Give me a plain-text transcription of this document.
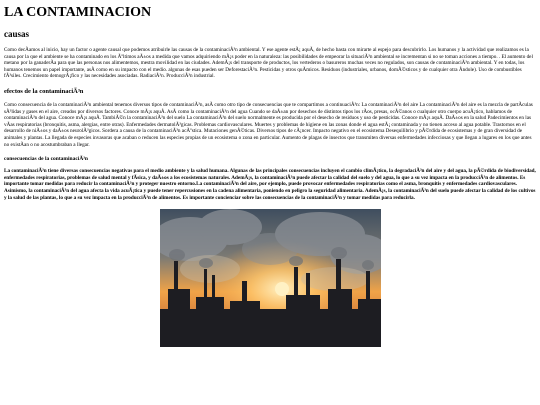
LA CONTAMINACION
causas

Como decÃamos al inicio, hay un factor o agente causal que podemos atribuirle las causas de la contaminaciÃ³n ambiental. Y ese agente estÃ¡ aquÃ, de hecho basta con mirarte al espejo para descubrirlo. Los humanos y la actividad que realizamos es la causa por la que el ambiente se ha contaminado en los Ãºltimos aÃ±os a medida que vamos adquiriendo mÃ¡s poder en la naturaleza: las posibilidades de empeorar la situaciÃ³n ambiental se incrementan si no se toman acciones a tiempo. . El aumento del metano por la ganaderÃa para que las personas nos alimentemos, mestra movilidad en las ciudades. AdemÃ¡s del transporte de productos, los vertederos o basureros muchas veces no regulados, son causas de contaminaciÃ³n ambiental. Y en todas, los humanos tenemos un papel importante, asÃ como en su impacto con el medio. algunas de esas pueden ser DeforestaciÃ³n. Pesticidas y otros quÃmicos. Residuos (industriales, urbanos, domÃ©sticos y de cualquier otra Ãndole). Uso de combustibles fÃ³siles. Crecimiento demogrÃ¡fico y las necesidades asociadas. RadiaciÃ³n. ProducciÃ³n industrial.

efectos de la contaminaciÃ³n

Como consecuencia de la contaminaciÃ³n ambiental tenemos diversos tipos de contaminaciÃ³n, asÃ como otro tipo de consecuencias que te compartimos a continuaciÃ³n: La contaminaciÃ³n del aire La contaminaciÃ³n del aire es la mezcla de partÃculas sÃ³lidas y gases en el aire, creados por diversos factores. Conoce mÃ¡s aquÃ. AsÃ como la contaminaciÃ³n del agua Cuando se daÃ±an por desechos de distintos tipos los rÃos, presas, ocÃ©anos o cualquier otro cuerpo acuÃ¡tico, hablamos de contaminaciÃ³n del agua. Conoce mÃ¡s aquÃ. TambiÃ©n la contaminaciÃ³n del suelo La contaminaciÃ³n del suelo normalmente es producida por el desecho de residuos y uso de pesticidas. Conoce mÃ¡s aquÃ. DaÃ±os en la salud Padecimientos en las vÃas respiratorias (bronquitis, asma, alergias, entre otras). Enfermedades dermatolÃ³gicas. Problemas cardiovasculares. Muertes y problemas de higiene en las zonas donde el agua estÃ¡ contaminada y no tienen acceso al agua potable. Trastornos en el desarrollo de niÃ±os y daÃ±os neurolÃ³gicos. Sordera a causa de la contaminaciÃ³n acÃºstica. Mutaciones genÃ©ticas. Diversos tipos de cÃ¡ncer. Impacto negativo en el ecosistema Desequilibrio y pÃ©rdida de ecosistemas y de gran diversidad de animales y plantas. La llegada de especies invasoras que acaban o reducen las especies propias de un ecosistema o zona en particular. Aumento de plagas de insectos que transmiten diversas enfermedades infecciosas y que llegan a lugares en los que antes no existÃan o no acostumbraban a llegar.

consecuencias de la contaminaciÃ³n

La contaminaciÃ³n tiene diversas consecuencias negativas para el medio ambiente y la salud humana. Algunas de las principales consecuencias incluyen el cambio climÃ¡tico, la degradaciÃ³n del aire y del agua, la pÃ©rdida de biodiversidad, enfermedades respiratorias, problemas de salud mental y fÃsica, y daÃ±os a los ecosistemas naturales. AdemÃ¡s, la contaminaciÃ³n puede afectar la calidad del suelo y del agua, lo que a su vez impacta en la producciÃ³n de alimentos. Es importante tomar medidas para reducir la contaminaciÃ³n y proteger nuestro entorno.La contaminaciÃ³n del aire, por ejemplo, puede provocar enfermedades respiratorias como el asma, bronquitis y enfermedades cardiovasculares. Asimismo, la contaminaciÃ³n del agua afecta la vida acuÃ¡tica y puede tener repercusiones en la cadena alimentaria, poniendo en peligro la seguridad alimentaria. AdemÃ¡s, la contaminaciÃ³n del suelo puede afectar la calidad de los cultivos y la salud de las plantas, lo que a su vez impacta en la producciÃ³n de alimentos. Es importante concienciar sobre las consecuencias de la contaminaciÃ³n y tomar medidas para reducirla.
